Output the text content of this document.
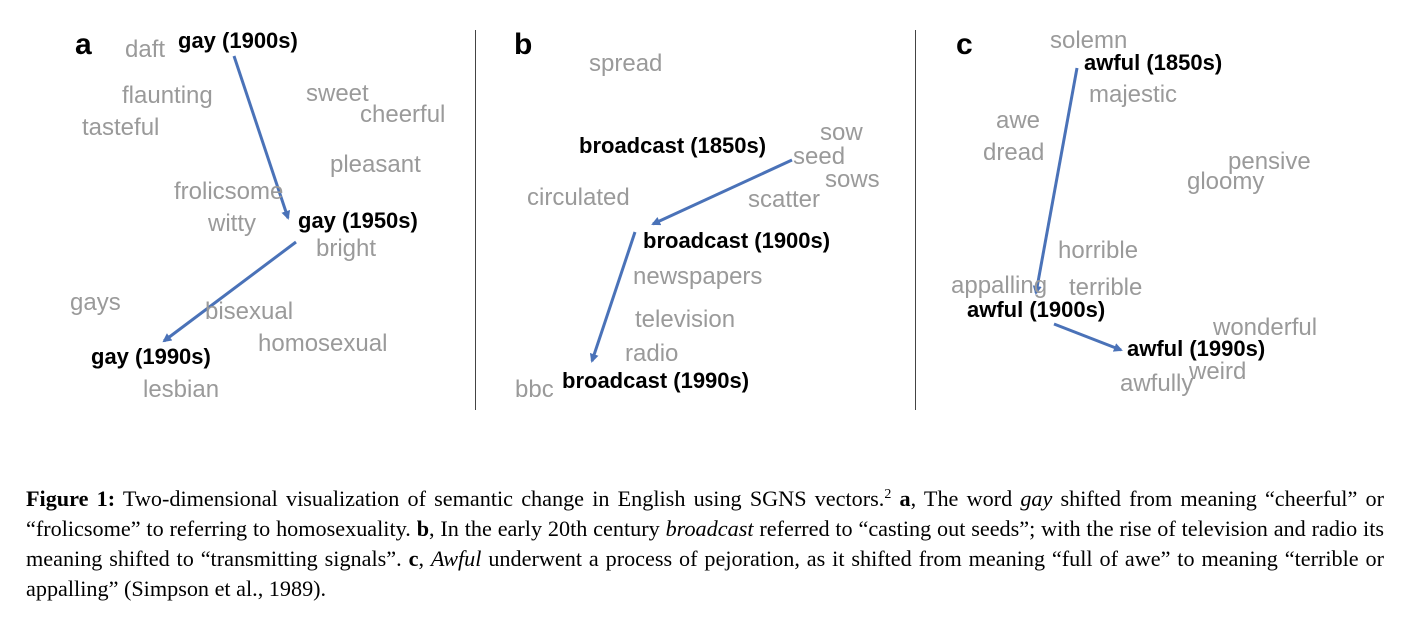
a daft gay (1900s)
flaunting	sweet
cheerful
tasteful
pleasant
frolicsome
witty gay (1950s)
bright
gays	bisexual
homosexual
gay (1990s)
lesbian
b
spread
sow
broadcast (1850s) seed
sows
circulated	scatter
broadcast (1900s)
newspapers
television
radio
bbc broadcast (1990s)
c	solemn
awful (1850s)
majestic
awe
dread	pensive
gloomy
horrible
appalling terrible
awful (1900s)
wonderful
awful (1990s)
weird
awfully
Figure 1: Two-dimensional visualization of semantic change in English using SGNS vectors.$^2$ a, The word gay shifted from meaning “cheerful” or “frolicsome” to referring to homosexuality. b, In the early 20th century broadcast referred to “casting out seeds”; with the rise of television and radio its meaning shifted to “transmitting signals”. c, Awful underwent a process of pejoration, as it shifted from meaning “full of awe” to meaning “terrible or appalling” (Simpson et al., 1989).
